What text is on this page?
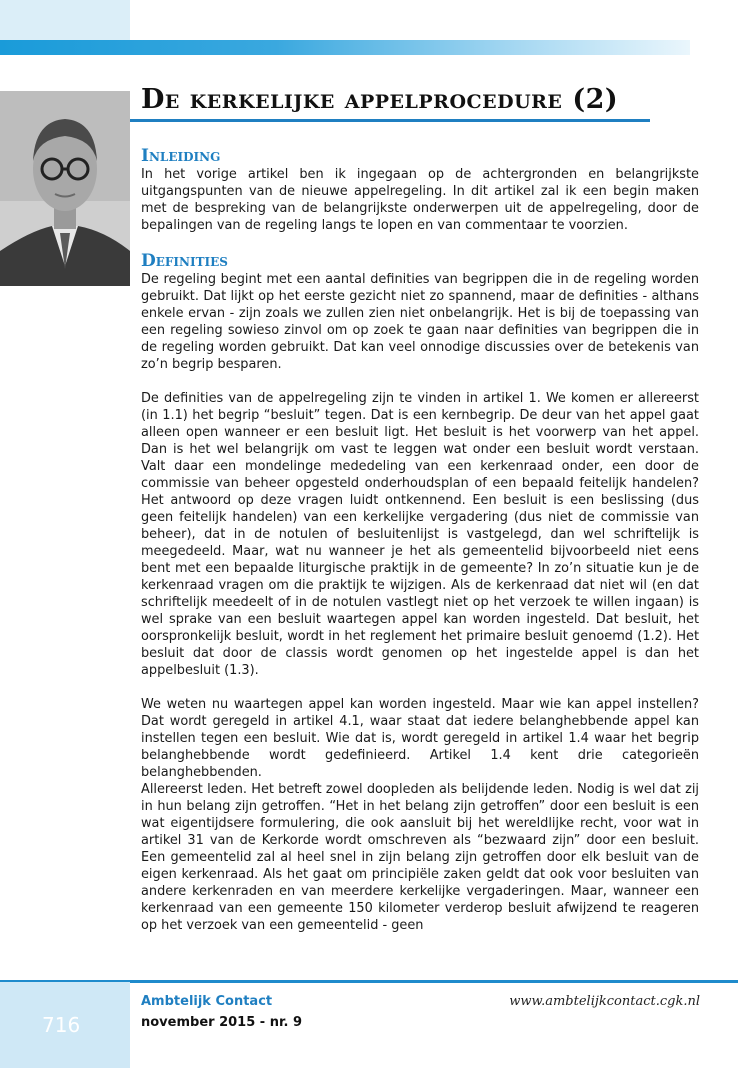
De kerkelijke appelprocedure (2)
Inleiding

In het vorige artikel ben ik ingegaan op de achtergronden en belangrijkste uitgangspunten van de nieuwe appelregeling. In dit artikel zal ik een begin maken met de bespreking van de belangrijkste onderwerpen uit de appelregeling, door de bepalingen van de regeling langs te lopen en van commentaar te voorzien.

Definities

De regeling begint met een aantal definities van begrippen die in de regeling worden gebruikt. Dat lijkt op het eerste gezicht niet zo spannend, maar de definities - althans enkele ervan - zijn zoals we zullen zien niet onbelangrijk. Het is bij de toepassing van een regeling sowieso zinvol om op zoek te gaan naar definities van begrippen die in de regeling worden gebruikt. Dat kan veel onnodige discussies over de betekenis van zo’n begrip besparen.

De definities van de appelregeling zijn te vinden in artikel 1. We komen er allereerst (in 1.1) het begrip “besluit” tegen. Dat is een kernbegrip. De deur van het appel gaat alleen open wanneer er een besluit ligt. Het besluit is het voorwerp van het appel. Dan is het wel belangrijk om vast te leggen wat onder een besluit wordt verstaan. Valt daar een mondelinge mededeling van een kerkenraad onder, een door de commissie van beheer opgesteld onderhoudsplan of een bepaald feitelijk handelen? Het antwoord op deze vragen luidt ontkennend. Een besluit is een beslissing (dus geen feitelijk handelen) van een kerkelijke vergadering (dus niet de commissie van beheer), dat in de notulen of besluitenlijst is vastgelegd, dan wel schriftelijk is meegedeeld. Maar, wat nu wanneer je het als gemeentelid bijvoorbeeld niet eens bent met een bepaalde liturgische praktijk in de gemeente? In zo’n situatie kun je de kerkenraad vragen om die praktijk te wijzigen. Als de kerkenraad dat niet wil (en dat schriftelijk meedeelt of in de notulen vastlegt niet op het verzoek te willen ingaan) is wel sprake van een besluit waartegen appel kan worden ingesteld. Dat besluit, het oorspronkelijk besluit, wordt in het reglement het primaire besluit genoemd (1.2). Het besluit dat door de classis wordt genomen op het ingestelde appel is dan het appelbesluit (1.3).

We weten nu waartegen appel kan worden ingesteld. Maar wie kan appel instellen? Dat wordt geregeld in artikel 4.1, waar staat dat iedere belanghebbende appel kan instellen tegen een besluit. Wie dat is, wordt geregeld in artikel 1.4 waar het begrip belanghebbende wordt gedefinieerd. Artikel 1.4 kent drie categorieën belanghebbenden.

Allereerst leden. Het betreft zowel doopleden als belijdende leden. Nodig is wel dat zij in hun belang zijn getroffen. “Het in het belang zijn getroffen” door een besluit is een wat eigentijdsere formulering, die ook aansluit bij het wereldlijke recht, voor wat in artikel 31 van de Kerkorde wordt omschreven als “bezwaard zijn” door een besluit. Een gemeentelid zal al heel snel in zijn belang zijn getroffen door elk besluit van de eigen kerkenraad. Als het gaat om principiële zaken geldt dat ook voor besluiten van andere kerkenraden en van meerdere kerkelijke vergaderingen. Maar, wanneer een kerkenraad van een gemeente 150 kilometer verderop besluit afwijzend te reageren op het verzoek van een gemeentelid - geen

716
Ambtelijk Contact
november 2015 - nr. 9
www.ambtelijkcontact.cgk.nl
